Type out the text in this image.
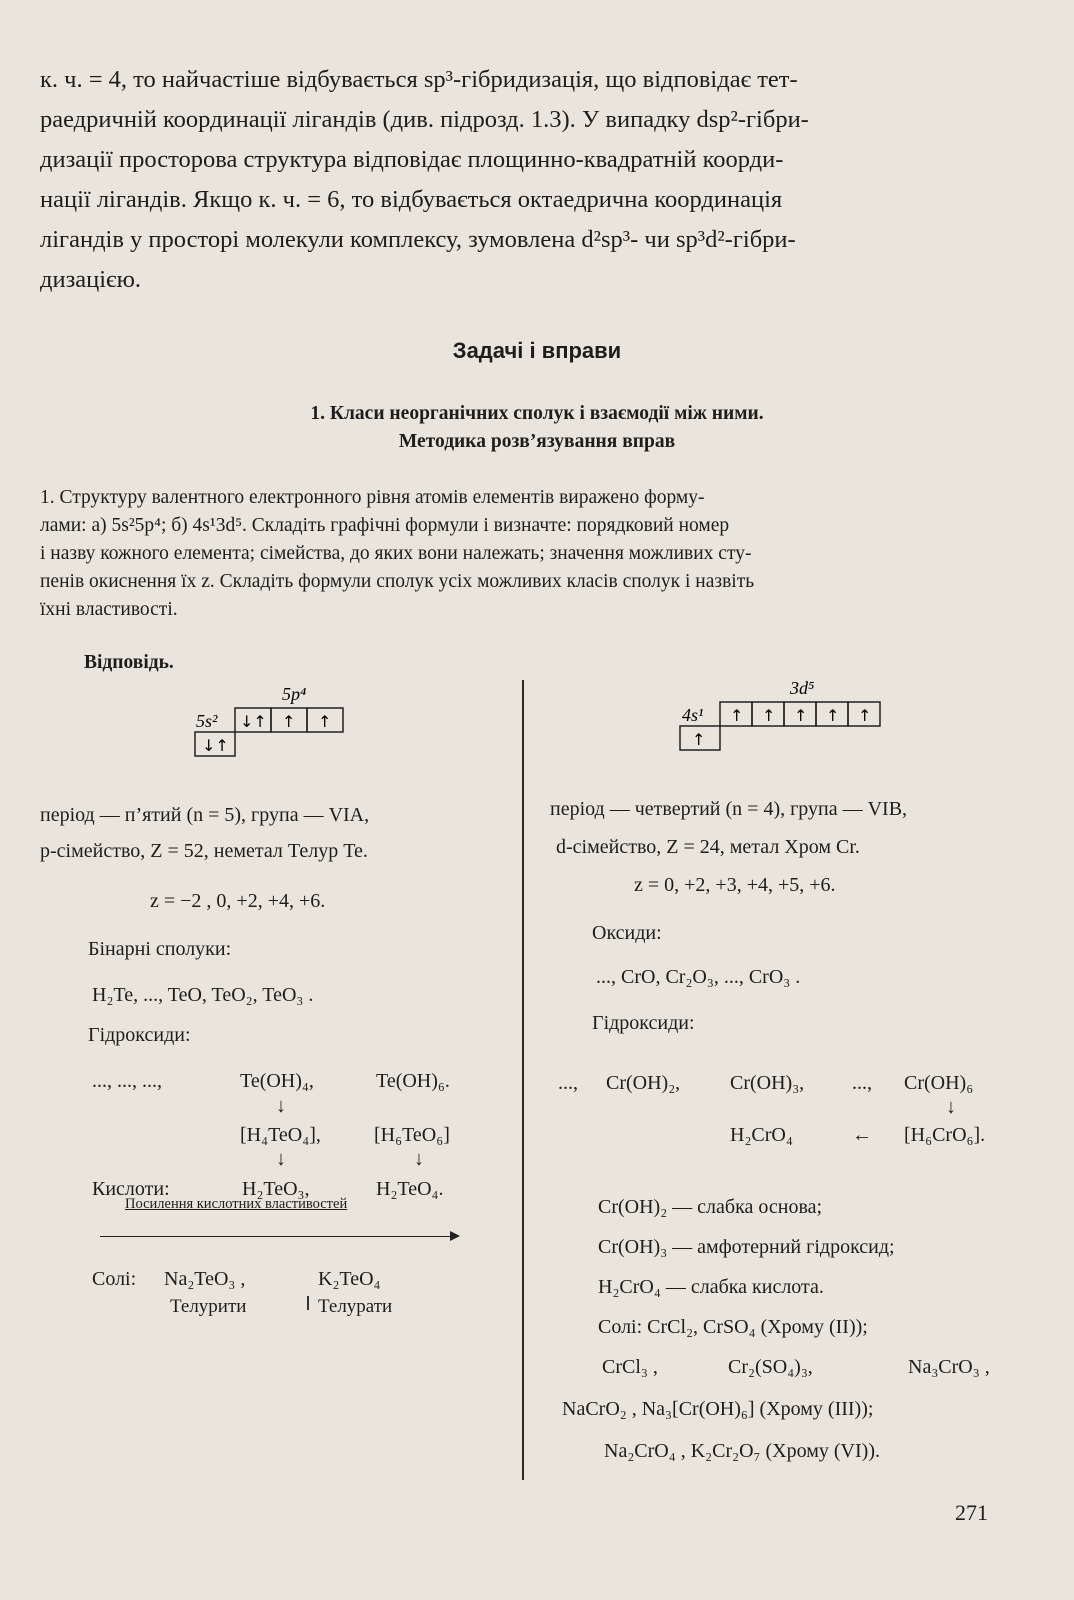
к. ч. = 4, то найчастіше відбувається sp³-гібридизація, що відповідає тет-
раедричній координації лігандів (див. підрозд. 1.3). У випадку dsp²-гібри-
дизації просторова структура відповідає площинно-квадратній коорди-
нації лігандів. Якщо к. ч. = 6, то відбувається октаедрична координація
лігандів у просторі молекули комплексу, зумовлена d²sp³- чи sp³d²-гібри-
дизацією.
Задачі і вправи
1. Класи неорганічних сполук і взаємодії між ними.
Методика розв’язування вправ
1. Структуру валентного електронного рівня атомів елементів виражено форму-
лами: а) 5s²5p⁴; б) 4s¹3d⁵. Складіть графічні формули і визначте: порядковий номер
і назву кожного елемента; сімейства, до яких вони належать; значення можливих сту-
пенів окиснення їх z. Складіть формули сполук усіх можливих класів сполук і назвіть
їхні властивості.
Відповідь.
5s²
5p⁴
↓↑
↓↑ ↑ ↑	4s¹
3d⁵
↑
↑ ↑ ↑ ↑ ↑
період — п’ятий (n = 5), група — VIA,
p-сімейство, Z = 52, неметал Телур Te.
z = −2 , 0, +2, +4, +6.
Бінарні сполуки:
H₂Te, ..., TeO, TeO₂, TeO₃ .
Гідроксиди:
..., ..., ...,	Te(OH)₄,	Te(OH)₆.
↓
[H₄TeO₄],	[H₆TeO₆]
↓	↓
Кислоти:	H₂TeO₃,	H₂TeO₄.
Посилення кислотних властивостей
Солі: Na₂TeO₃ ,	K₂TeO₄
Телурити	Телурати
період — четвертий (n = 4), група — VIB,
d-сімейство, Z = 24, метал Хром Cr.
z = 0, +2, +3, +4, +5, +6.
Оксиди:
..., CrO, Cr₂O₃, ..., CrO₃ .
Гідроксиди:
..., Cr(OH)₂, Cr(OH)₃, ..., Cr(OH)₆
↓
H₂CrO₄	← [H₆CrO₆].
Cr(OH)₂ — слабка основа;
Cr(OH)₃ — амфотерний гідроксид;
H₂CrO₄ — слабка кислота.
Солі: CrCl₂, CrSO₄ (Хрому (II));
CrCl₃ ,	Cr₂(SO₄)₃,	Na₃CrO₃ ,
NaCrO₂ , Na₃[Cr(OH)₆] (Хрому (III));
Na₂CrO₄ , K₂Cr₂O₇ (Хрому (VI)).
271
